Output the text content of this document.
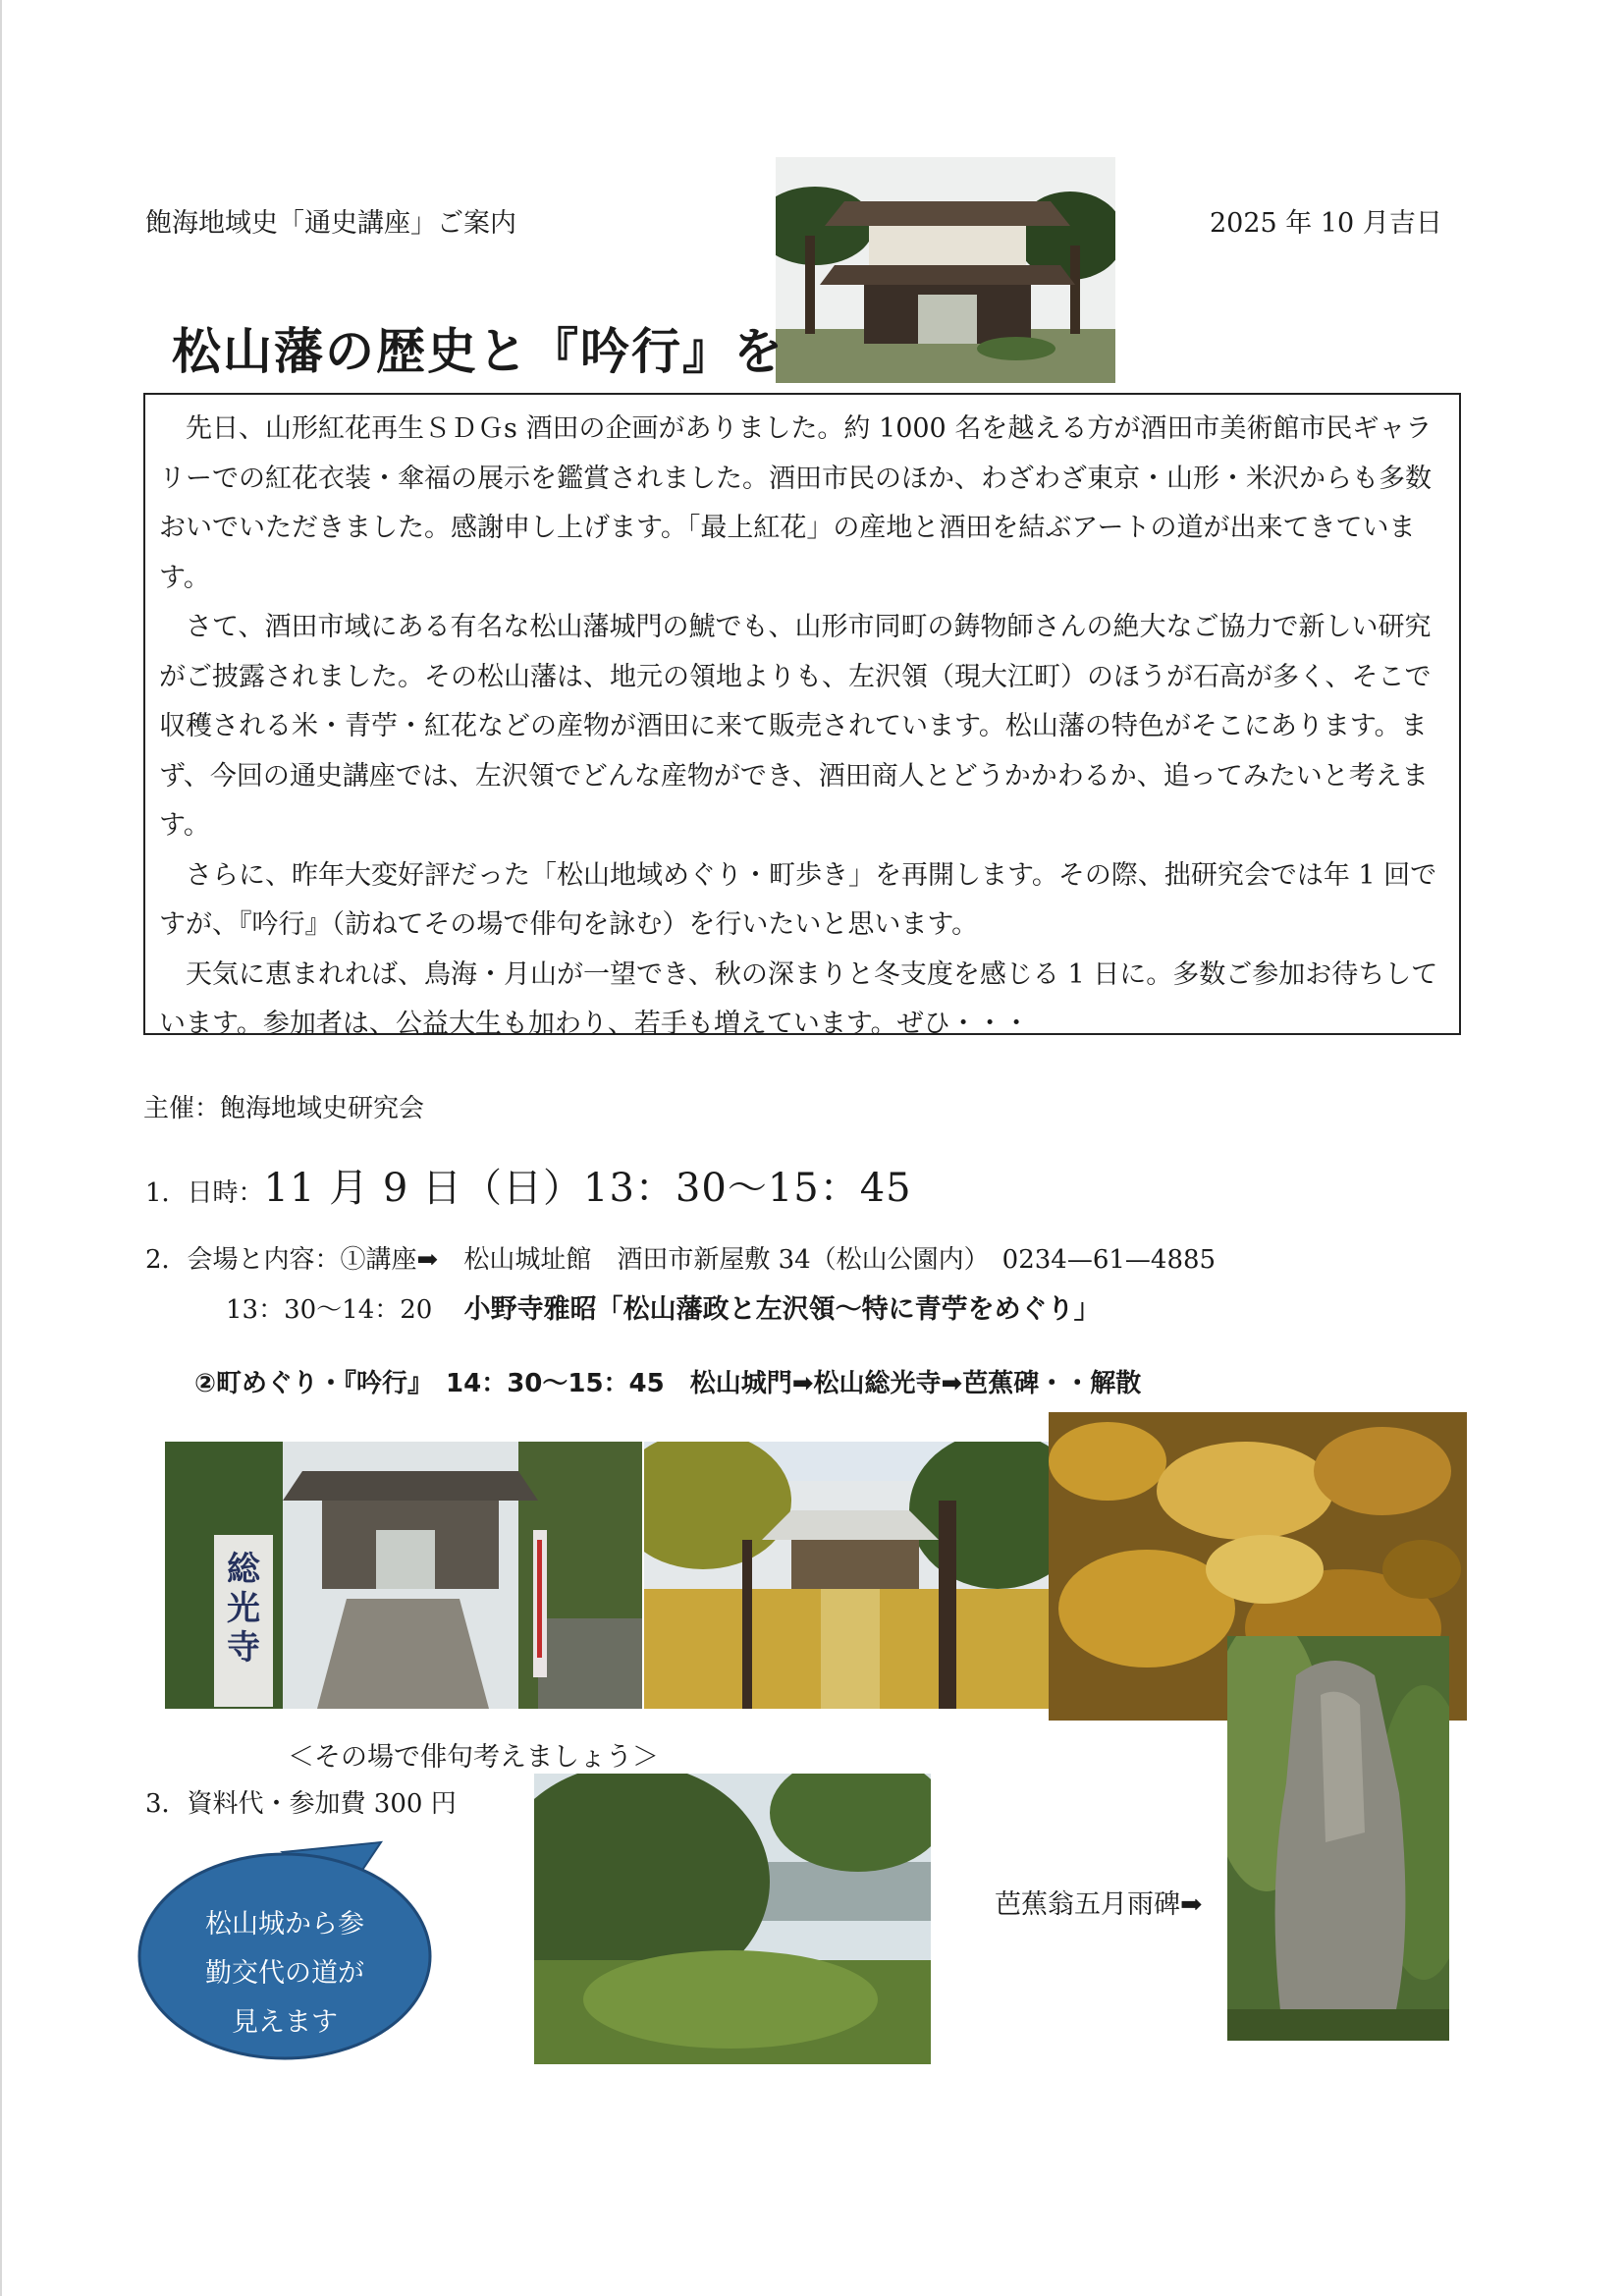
飽海地域史「通史講座」ご案内	2025 年 10 月吉日
松山藩の歴史と『吟行』を

先日、山形紅花再生ＳＤＧs 酒田の企画がありました。約 1000 名を越える方が酒田市美術館市民ギャラリーでの紅花衣装・傘福の展示を鑑賞されました。酒田市民のほか、わざわざ東京・山形・米沢からも多数おいでいただきました。感謝申し上げます。「最上紅花」の産地と酒田を結ぶアートの道が出来てきています。

さて、酒田市域にある有名な松山藩城門の鯱でも、山形市同町の鋳物師さんの絶大なご協力で新しい研究がご披露されました。その松山藩は、地元の領地よりも、左沢領（現大江町）のほうが石高が多く、そこで収穫される米・青苧・紅花などの産物が酒田に来て販売されています。松山藩の特色がそこにあります。まず、今回の通史講座では、左沢領でどんな産物ができ、酒田商人とどうかかわるか、追ってみたいと考えます。

さらに、昨年大変好評だった「松山地域めぐり・町歩き」を再開します。その際、拙研究会では年 1 回ですが、『吟行』（訪ねてその場で俳句を詠む）を行いたいと思います。

天気に恵まれれば、鳥海・月山が一望でき、秋の深まりと冬支度を感じる 1 日に。多数ご参加お待ちしています。参加者は、公益大生も加わり、若手も増えています。ぜひ・・・

主催：飽海地域史研究会
1．日時：11 月 9 日（日）13：30〜15：45
2．会場と内容：①講座➡　松山城址館　酒田市新屋敷 34（松山公園内）　0234—61—4885
13：30〜14：20 小野寺雅昭「松山藩政と左沢領〜特に青苧をめぐり」
②町めぐり・『吟行』　14：30〜15：45　松山城門➡松山総光寺➡芭蕉碑・・解散
総光寺
＜その場で俳句考えましょう＞
3．資料代・参加費 300 円
松山城から参
勤交代の道が
見えます
芭蕉翁五月雨碑➡
